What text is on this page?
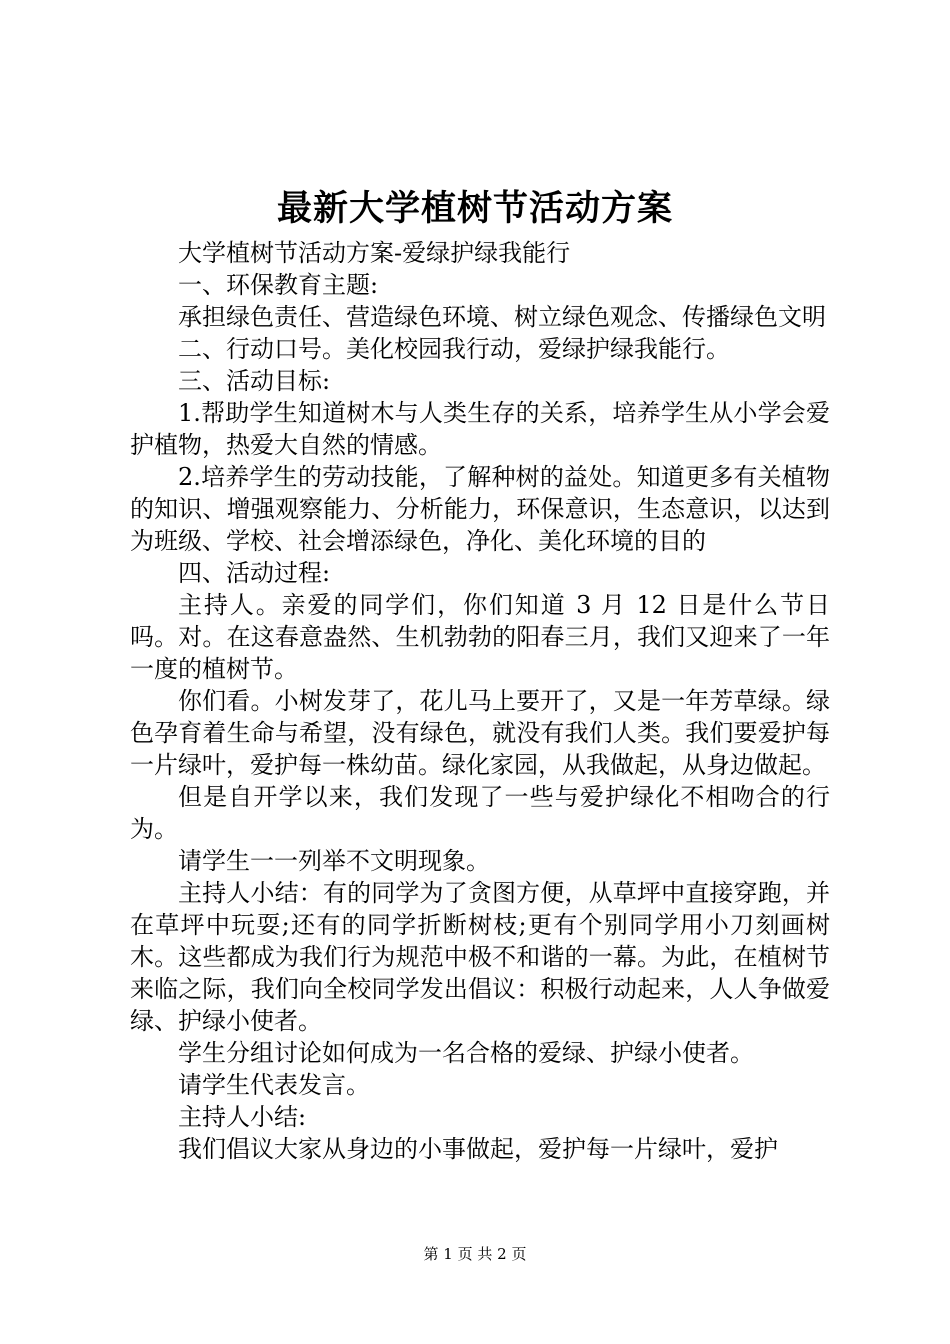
最新大学植树节活动方案

大学植树节活动方案-爱绿护绿我能行

一、环保教育主题:

承担绿色责任、营造绿色环境、树立绿色观念、传播绿色文明

二、行动口号。美化校园我行动，爱绿护绿我能行。

三、活动目标:

1.帮助学生知道树木与人类生存的关系，培养学生从小学会爱护植物，热爱大自然的情感。

2.培养学生的劳动技能，了解种树的益处。知道更多有关植物的知识、增强观察能力、分析能力，环保意识，生态意识，以达到为班级、学校、社会增添绿色，净化、美化环境的目的

四、活动过程:

主持人。亲爱的同学们，你们知道 3 月 12 日是什么节日吗。对。在这春意盎然、生机勃勃的阳春三月，我们又迎来了一年一度的植树节。

你们看。小树发芽了，花儿马上要开了，又是一年芳草绿。绿色孕育着生命与希望，没有绿色，就没有我们人类。我们要爱护每一片绿叶，爱护每一株幼苗。绿化家园，从我做起，从身边做起。

但是自开学以来，我们发现了一些与爱护绿化不相吻合的行为。

请学生一一列举不文明现象。

主持人小结：有的同学为了贪图方便，从草坪中直接穿跑，并在草坪中玩耍;还有的同学折断树枝;更有个别同学用小刀刻画树木。这些都成为我们行为规范中极不和谐的一幕。为此，在植树节来临之际，我们向全校同学发出倡议：积极行动起来，人人争做爱绿、护绿小使者。

学生分组讨论如何成为一名合格的爱绿、护绿小使者。

请学生代表发言。

主持人小结:

我们倡议大家从身边的小事做起，爱护每一片绿叶，爱护

第 1 页 共 2 页
